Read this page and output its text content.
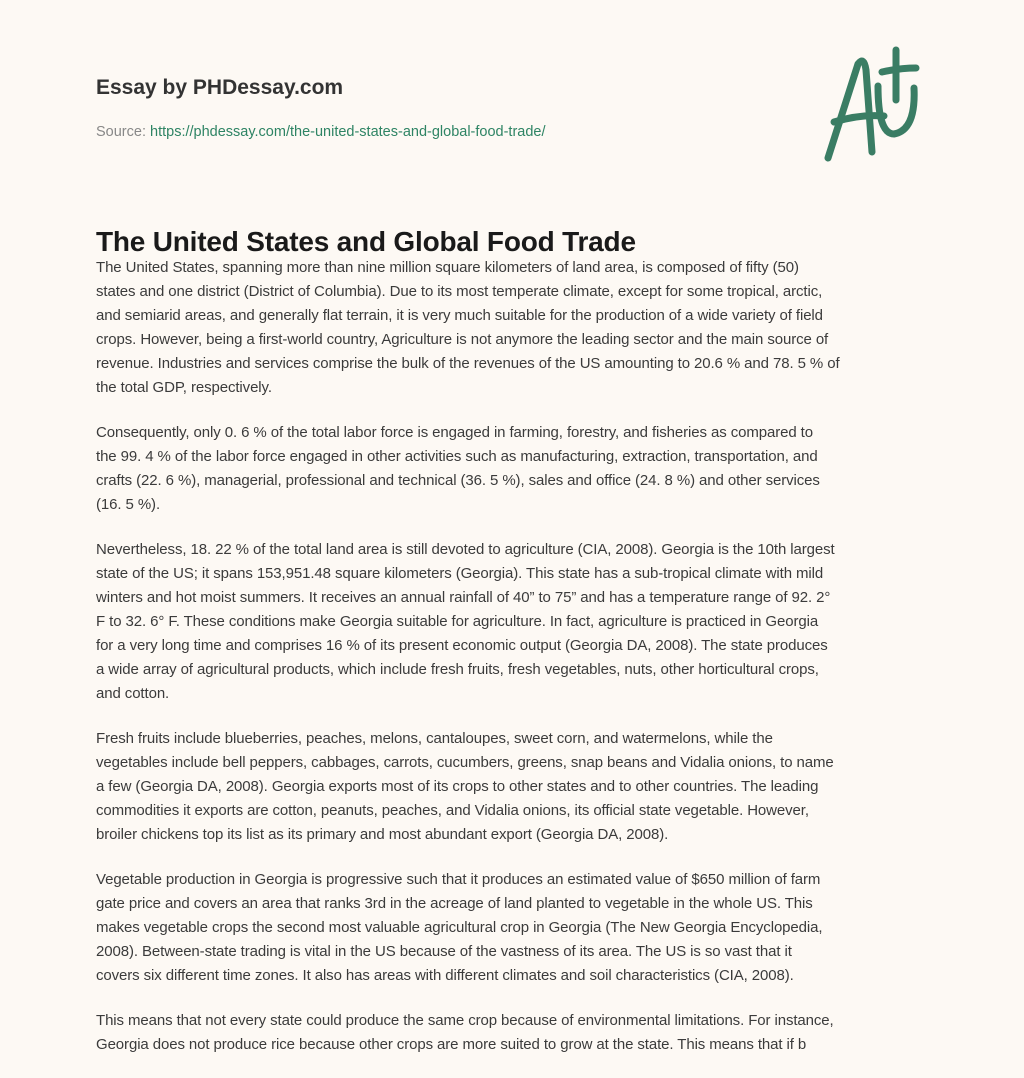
Essay by PHDessay.com
Source: https://phdessay.com/the-united-states-and-global-food-trade/
The United States and Global Food Trade

The United States, spanning more than nine million square kilometers of land area, is composed of fifty (50)
states and one district (District of Columbia). Due to its most temperate climate, except for some tropical, arctic,
and semiarid areas, and generally flat terrain, it is very much suitable for the production of a wide variety of field
crops. However, being a first-world country, Agriculture is not anymore the leading sector and the main source of
revenue. Industries and services comprise the bulk of the revenues of the US amounting to 20.6 % and 78. 5 % of
the total GDP, respectively.

Consequently, only 0. 6 % of the total labor force is engaged in farming, forestry, and fisheries as compared to
the 99. 4 % of the labor force engaged in other activities such as manufacturing, extraction, transportation, and
crafts (22. 6 %), managerial, professional and technical (36. 5 %), sales and office (24. 8 %) and other services
(16. 5 %).

Nevertheless, 18. 22 % of the total land area is still devoted to agriculture (CIA, 2008). Georgia is the 10th largest
state of the US; it spans 153,951.48 square kilometers (Georgia). This state has a sub-tropical climate with mild
winters and hot moist summers. It receives an annual rainfall of 40” to 75” and has a temperature range of 92. 2°
F to 32. 6° F. These conditions make Georgia suitable for agriculture. In fact, agriculture is practiced in Georgia
for a very long time and comprises 16 % of its present economic output (Georgia DA, 2008). The state produces
a wide array of agricultural products, which include fresh fruits, fresh vegetables, nuts, other horticultural crops,
and cotton.

Fresh fruits include blueberries, peaches, melons, cantaloupes, sweet corn, and watermelons, while the
vegetables include bell peppers, cabbages, carrots, cucumbers, greens, snap beans and Vidalia onions, to name
a few (Georgia DA, 2008). Georgia exports most of its crops to other states and to other countries. The leading
commodities it exports are cotton, peanuts, peaches, and Vidalia onions, its official state vegetable. However,
broiler chickens top its list as its primary and most abundant export (Georgia DA, 2008).

Vegetable production in Georgia is progressive such that it produces an estimated value of $650 million of farm
gate price and covers an area that ranks 3rd in the acreage of land planted to vegetable in the whole US. This
makes vegetable crops the second most valuable agricultural crop in Georgia (The New Georgia Encyclopedia,
2008). Between-state trading is vital in the US because of the vastness of its area. The US is so vast that it
covers six different time zones. It also has areas with different climates and soil characteristics (CIA, 2008).

This means that not every state could produce the same crop because of environmental limitations. For instance,
Georgia does not produce rice because other crops are more suited to grow at the state. This means that if b
